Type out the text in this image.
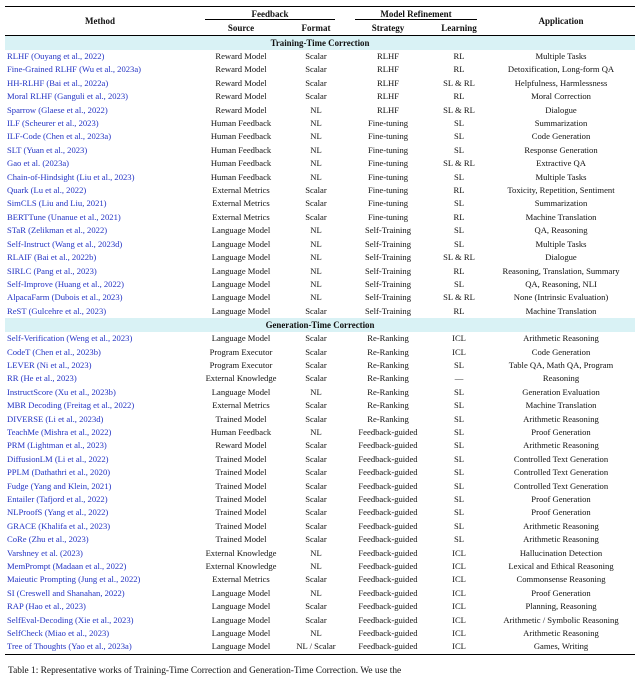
Method	Feedback		Model Refinement		Application
	Source	Format	Strategy	Learning	
Training-Time Correction					
RLHF (Ouyang et al., 2022)	Reward Model	Scalar	RLHF	RL	Multiple Tasks
Fine-Grained RLHF (Wu et al., 2023a)	Reward Model	Scalar	RLHF	RL	Detoxification, Long-form QA
HH-RLHF (Bai et al., 2022a)	Reward Model	Scalar	RLHF	SL & RL	Helpfulness, Harmlessness
Moral RLHF (Ganguli et al., 2023)	Reward Model	Scalar	RLHF	RL	Moral Correction
Sparrow (Glaese et al., 2022)	Reward Model	NL	RLHF	SL & RL	Dialogue
ILF (Scheurer et al., 2023)	Human Feedback	NL	Fine-tuning	SL	Summarization
ILF-Code (Chen et al., 2023a)	Human Feedback	NL	Fine-tuning	SL	Code Generation
SLT (Yuan et al., 2023)	Human Feedback	NL	Fine-tuning	SL	Response Generation
Gao et al. (2023a)	Human Feedback	NL	Fine-tuning	SL & RL	Extractive QA
Chain-of-Hindsight (Liu et al., 2023)	Human Feedback	NL	Fine-tuning	SL	Multiple Tasks
Quark (Lu et al., 2022)	External Metrics	Scalar	Fine-tuning	RL	Toxicity, Repetition, Sentiment
SimCLS (Liu and Liu, 2021)	External Metrics	Scalar	Fine-tuning	SL	Summarization
BERTTune (Unanue et al., 2021)	External Metrics	Scalar	Fine-tuning	RL	Machine Translation
STaR (Zelikman et al., 2022)	Language Model	NL	Self-Training	SL	QA, Reasoning
Self-Instruct (Wang et al., 2023d)	Language Model	NL	Self-Training	SL	Multiple Tasks
RLAIF (Bai et al., 2022b)	Language Model	NL	Self-Training	SL & RL	Dialogue
SIRLC (Pang et al., 2023)	Language Model	NL	Self-Training	RL	Reasoning, Translation, Summary
Self-Improve (Huang et al., 2022)	Language Model	NL	Self-Training	SL	QA, Reasoning, NLI
AlpacaFarm (Dubois et al., 2023)	Language Model	NL	Self-Training	SL & RL	None (Intrinsic Evaluation)
ReST (Gulcehre et al., 2023)	Language Model	Scalar	Self-Training	RL	Machine Translation
Generation-Time Correction					
Self-Verification (Weng et al., 2023)	Language Model	Scalar	Re-Ranking	ICL	Arithmetic Reasoning
CodeT (Chen et al., 2023b)	Program Executor	Scalar	Re-Ranking	ICL	Code Generation
LEVER (Ni et al., 2023)	Program Executor	Scalar	Re-Ranking	SL	Table QA, Math QA, Program
RR (He et al., 2023)	External Knowledge	Scalar	Re-Ranking	—	Reasoning
InstructScore (Xu et al., 2023b)	Language Model	NL	Re-Ranking	SL	Generation Evaluation
MBR Decoding (Freitag et al., 2022)	External Metrics	Scalar	Re-Ranking	SL	Machine Translation
DIVERSE (Li et al., 2023d)	Trained Model	Scalar	Re-Ranking	SL	Arithmetic Reasoning
TeachMe (Mishra et al., 2022)	Human Feedback	NL	Feedback-guided	SL	Proof Generation
PRM (Lightman et al., 2023)	Reward Model	Scalar	Feedback-guided	SL	Arithmetic Reasoning
DiffusionLM (Li et al., 2022)	Trained Model	Scalar	Feedback-guided	SL	Controlled Text Generation
PPLM (Dathathri et al., 2020)	Trained Model	Scalar	Feedback-guided	SL	Controlled Text Generation
Fudge (Yang and Klein, 2021)	Trained Model	Scalar	Feedback-guided	SL	Controlled Text Generation
Entailer (Tafjord et al., 2022)	Trained Model	Scalar	Feedback-guided	SL	Proof Generation
NLProofS (Yang et al., 2022)	Trained Model	Scalar	Feedback-guided	SL	Proof Generation
GRACE (Khalifa et al., 2023)	Trained Model	Scalar	Feedback-guided	SL	Arithmetic Reasoning
CoRe (Zhu et al., 2023)	Trained Model	Scalar	Feedback-guided	SL	Arithmetic Reasoning
Varshney et al. (2023)	External Knowledge	NL	Feedback-guided	ICL	Hallucination Detection
MemPrompt (Madaan et al., 2022)	External Knowledge	NL	Feedback-guided	ICL	Lexical and Ethical Reasoning
Maieutic Prompting (Jung et al., 2022)	External Metrics	Scalar	Feedback-guided	ICL	Commonsense Reasoning
SI (Creswell and Shanahan, 2022)	Language Model	NL	Feedback-guided	ICL	Proof Generation
RAP (Hao et al., 2023)	Language Model	Scalar	Feedback-guided	ICL	Planning, Reasoning
SelfEval-Decoding (Xie et al., 2023)	Language Model	Scalar	Feedback-guided	ICL	Arithmetic / Symbolic Reasoning
SelfCheck (Miao et al., 2023)	Language Model	NL	Feedback-guided	ICL	Arithmetic Reasoning
Tree of Thoughts (Yao et al., 2023a)	Language Model	NL / Scalar	Feedback-guided	ICL	Games, Writing
Table 1: Representative works of Training-Time Correction and Generation-Time Correction. We use the
